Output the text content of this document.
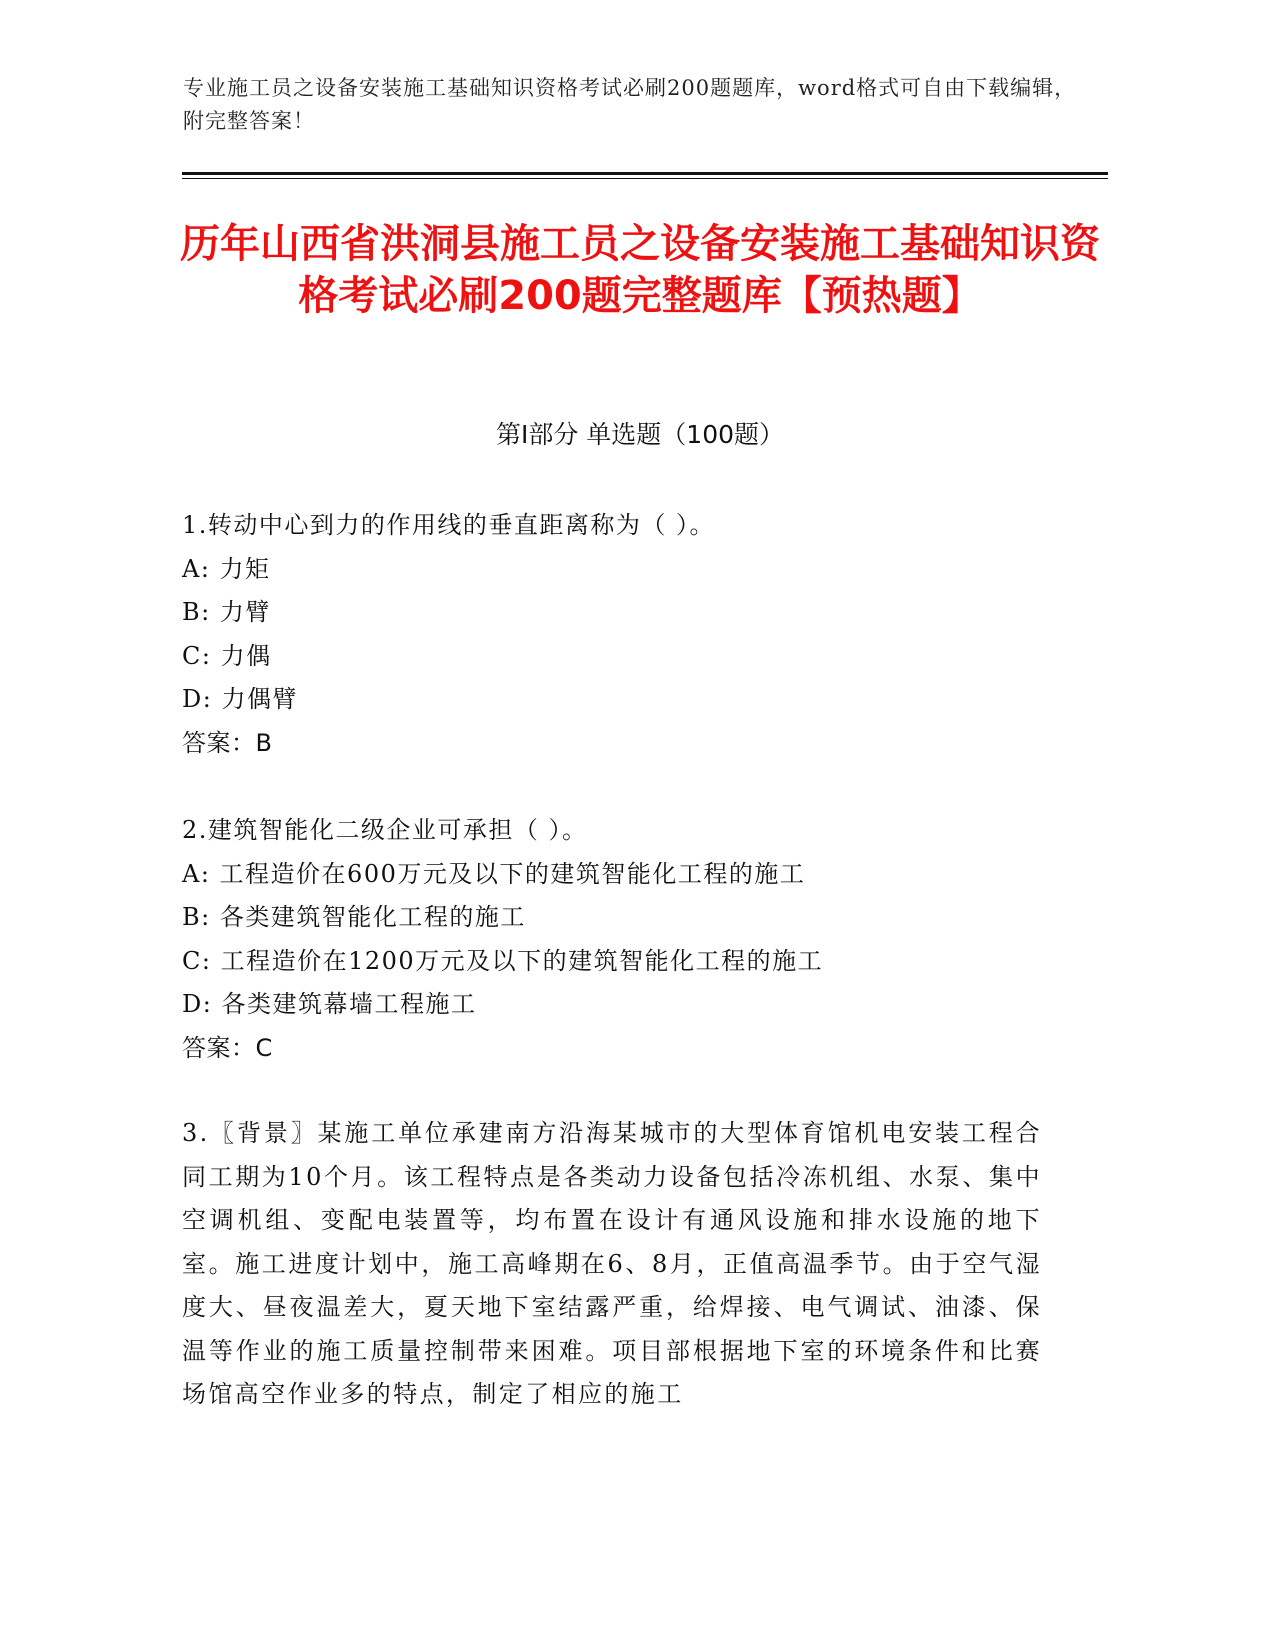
专业施工员之设备安装施工基础知识资格考试必刷200题题库，word格式可自由下载编辑，附完整答案！
历年山西省洪洞县施工员之设备安装施工基础知识资格考试必刷200题完整题库【预热题】
第Ⅰ部分 单选题（100题）
1.转动中心到力的作用线的垂直距离称为（ ）。
A: 力矩
B: 力臂
C: 力偶
D: 力偶臂
答案：B
2.建筑智能化二级企业可承担（ ）。
A: 工程造价在600万元及以下的建筑智能化工程的施工
B: 各类建筑智能化工程的施工
C: 工程造价在1200万元及以下的建筑智能化工程的施工
D: 各类建筑幕墙工程施工
答案：C
3.〖背景〗某施工单位承建南方沿海某城市的大型体育馆机电安装工程合同工期为10个月。该工程特点是各类动力设备包括冷冻机组、水泵、集中空调机组、变配电装置等，均布置在设计有通风设施和排水设施的地下室。施工进度计划中，施工高峰期在6、8月，正值高温季节。由于空气湿度大、昼夜温差大，夏天地下室结露严重，给焊接、电气调试、油漆、保温等作业的施工质量控制带来困难。项目部根据地下室的环境条件和比赛场馆高空作业多的特点，制定了相应的施工
